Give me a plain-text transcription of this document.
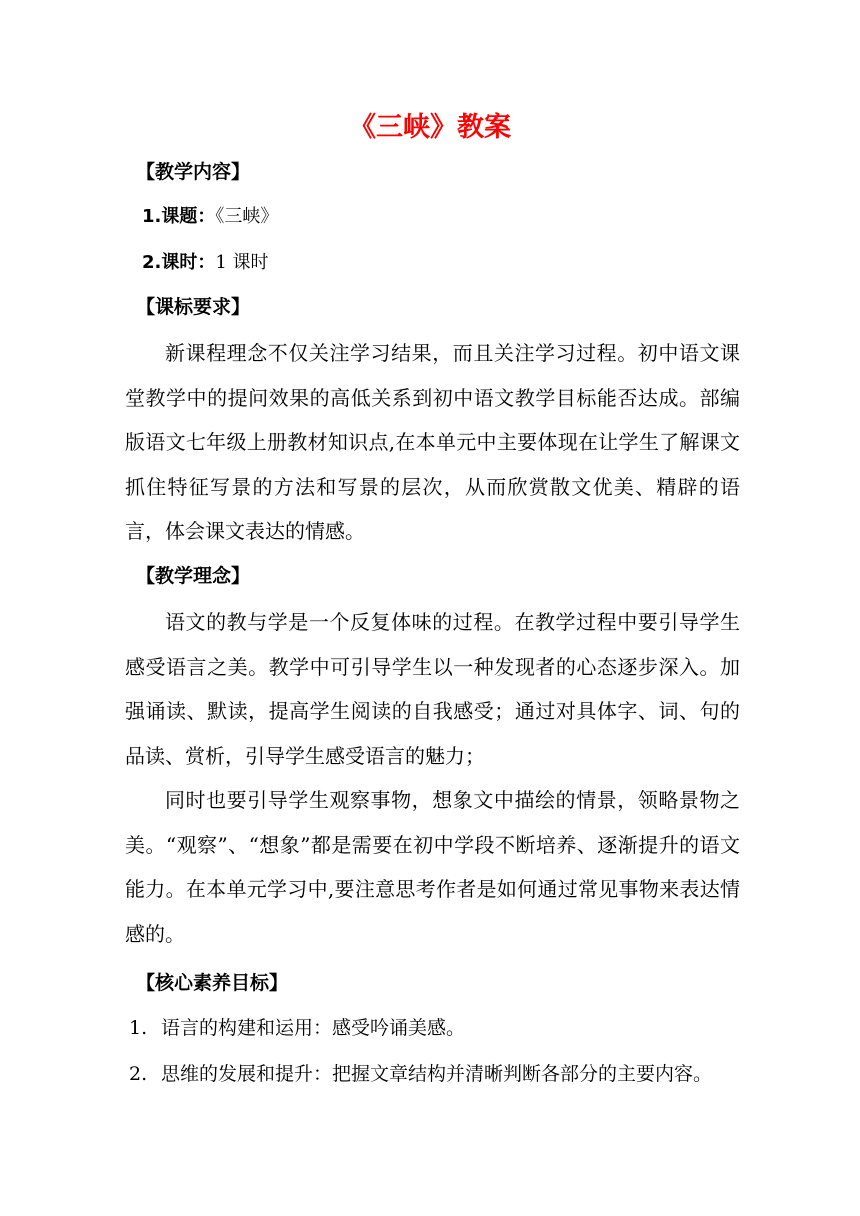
《三峡》教案
【教学内容】
1.课题：《三峡》
2.课时：1 课时
【课标要求】

新课程理念不仅关注学习结果，而且关注学习过程。初中语文课堂教学中的提问效果的高低关系到初中语文教学目标能否达成。部编版语文七年级上册教材知识点,在本单元中主要体现在让学生了解课文抓住特征写景的方法和写景的层次，从而欣赏散文优美、精辟的语言，体会课文表达的情感。

【教学理念】

语文的教与学是一个反复体味的过程。在教学过程中要引导学生感受语言之美。教学中可引导学生以一种发现者的心态逐步深入。加强诵读、默读，提高学生阅读的自我感受；通过对具体字、词、句的品读、赏析，引导学生感受语言的魅力；

同时也要引导学生观察事物，想象文中描绘的情景，领略景物之美。“观察”、“想象”都是需要在初中学段不断培养、逐渐提升的语文能力。在本单元学习中,要注意思考作者是如何通过常见事物来表达情感的。

【核心素养目标】
1. 语言的构建和运用：感受吟诵美感。
2. 思维的发展和提升：把握文章结构并清晰判断各部分的主要内容。
